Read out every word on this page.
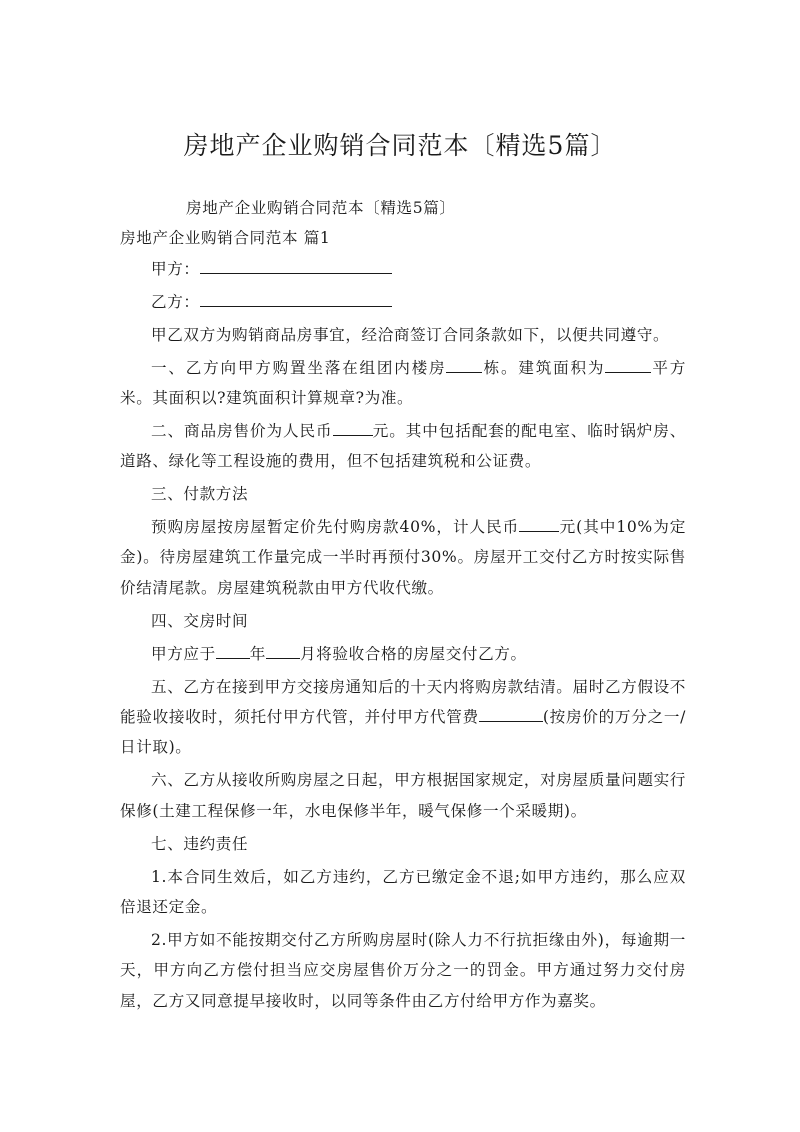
房地产企业购销合同范本〔精选5篇〕

房地产企业购销合同范本〔精选5篇〕

房地产企业购销合同范本 篇1

甲方：

乙方：

甲乙双方为购销商品房事宜，经洽商签订合同条款如下，以便共同遵守。

一、乙方向甲方购置坐落在组团内楼房 栋。建筑面积为	平方米。其面积以?建筑面积计算规章?为准。

二、商品房售价为人民币	元。其中包括配套的配电室、临时锅炉房、道路、绿化等工程设施的费用，但不包括建筑税和公证费。

三、付款方法

预购房屋按房屋暂定价先付购房款40%，计人民币	元(其中10%为定金)。待房屋建筑工作量完成一半时再预付30%。房屋开工交付乙方时按实际售价结清尾款。房屋建筑税款由甲方代收代缴。

四、交房时间

甲方应于 年 月将验收合格的房屋交付乙方。

五、乙方在接到甲方交接房通知后的十天内将购房款结清。届时乙方假设不能验收接收时，须托付甲方代管，并付甲方代管费	(按房价的万分之一/日计取)。

六、乙方从接收所购房屋之日起，甲方根据国家规定，对房屋质量问题实行保修(土建工程保修一年，水电保修半年，暖气保修一个采暖期)。

七、违约责任

1.本合同生效后，如乙方违约，乙方已缴定金不退;如甲方违约，那么应双倍退还定金。

2.甲方如不能按期交付乙方所购房屋时(除人力不行抗拒缘由外)，每逾期一天，甲方向乙方偿付担当应交房屋售价万分之一的罚金。甲方通过努力交付房屋，乙方又同意提早接收时，以同等条件由乙方付给甲方作为嘉奖。
